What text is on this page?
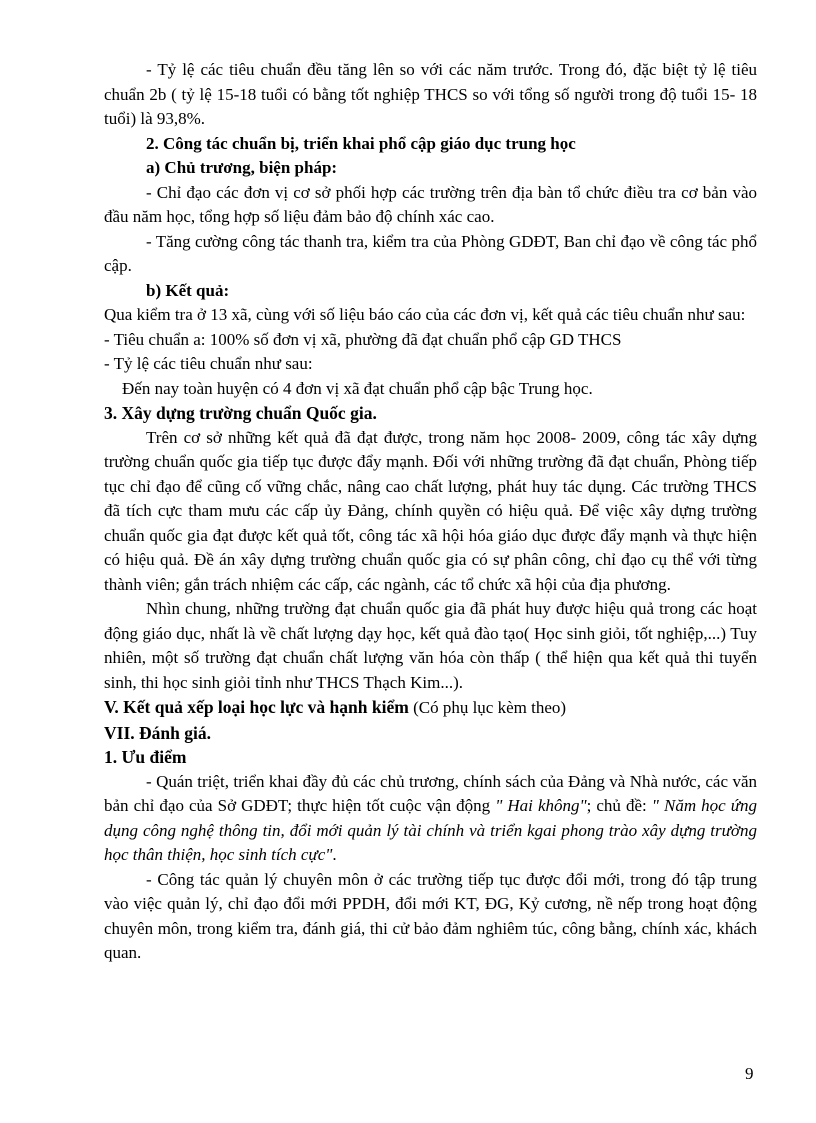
- Tỷ lệ các tiêu chuẩn đều tăng lên so với các năm trước. Trong đó, đặc biệt tỷ lệ tiêu chuẩn 2b ( tỷ lệ 15-18 tuổi có bằng tốt nghiệp THCS so với tổng số người trong độ tuổi 15- 18 tuổi) là 93,8%.

2. Công tác chuẩn bị, triển khai phổ cập giáo dục trung học

a) Chủ trương, biện pháp:

- Chỉ đạo các đơn vị cơ sở phối hợp các trường trên địa bàn tổ chức điều tra cơ bản vào đầu năm học, tổng hợp số liệu đảm bảo độ chính xác cao.

- Tăng cường công tác thanh tra, kiểm tra của Phòng GDĐT, Ban chỉ đạo về công tác phổ cập.

b) Kết quả:

Qua kiểm tra ở 13 xã, cùng với số liệu báo cáo của các đơn vị, kết quả các tiêu chuẩn như sau:

- Tiêu chuẩn a: 100% số đơn vị xã, phường đã đạt chuẩn phổ cập GD THCS

- Tỷ lệ các tiêu chuẩn như sau:

Đến nay toàn huyện có 4 đơn vị xã đạt chuẩn phổ cập bậc Trung học.

3. Xây dựng trường chuẩn Quốc gia.

Trên cơ sở những kết quả đã đạt được, trong năm học 2008- 2009, công tác xây dựng trường chuẩn quốc gia tiếp tục được đẩy mạnh. Đối với những trường đã đạt chuẩn, Phòng tiếp tục chỉ đạo để cũng cố vững chắc, nâng cao chất lượng, phát huy tác dụng. Các trường THCS đã tích cực tham mưu các cấp ủy Đảng, chính quyền có hiệu quả. Để việc xây dựng trường chuẩn quốc gia đạt được kết quả tốt, công tác xã hội hóa giáo dục được đẩy mạnh và thực hiện có hiệu quả. Đề án xây dựng trường chuẩn quốc gia có sự phân công, chỉ đạo cụ thể với từng thành viên; gắn trách nhiệm các cấp, các ngành, các tổ chức xã hội của địa phương.

Nhìn chung, những trường đạt chuẩn quốc gia đã phát huy được hiệu quả trong các hoạt động giáo dục, nhất là về chất lượng dạy học, kết quả đào tạo( Học sinh giỏi, tốt nghiệp,...) Tuy nhiên, một số trường đạt chuẩn chất lượng văn hóa còn thấp ( thể hiện qua kết quả thi tuyển sinh, thi học sinh giỏi tỉnh như THCS Thạch Kim...).

V. Kết quả xếp loại học lực và hạnh kiểm (Có phụ lục kèm theo)

VII. Đánh giá.

1. Ưu điểm

- Quán triệt, triển khai đầy đủ các chủ trương, chính sách của Đảng và Nhà nước, các văn bản chỉ đạo của Sở GDĐT; thực hiện tốt cuộc vận động " Hai không"; chủ đề: " Năm học ứng dụng công nghệ thông tin, đổi mới quản lý tài chính và triển kgai phong trào xây dựng trường học thân thiện, học sinh tích cực".

- Công tác quản lý chuyên môn ở các trường tiếp tục được đổi mới, trong đó tập trung vào việc quản lý, chỉ đạo đổi mới PPDH, đổi mới KT, ĐG, Kỷ cương, nề nếp trong hoạt động chuyên môn, trong kiểm tra, đánh giá, thi cử bảo đảm nghiêm túc, công bằng, chính xác, khách quan.

9
